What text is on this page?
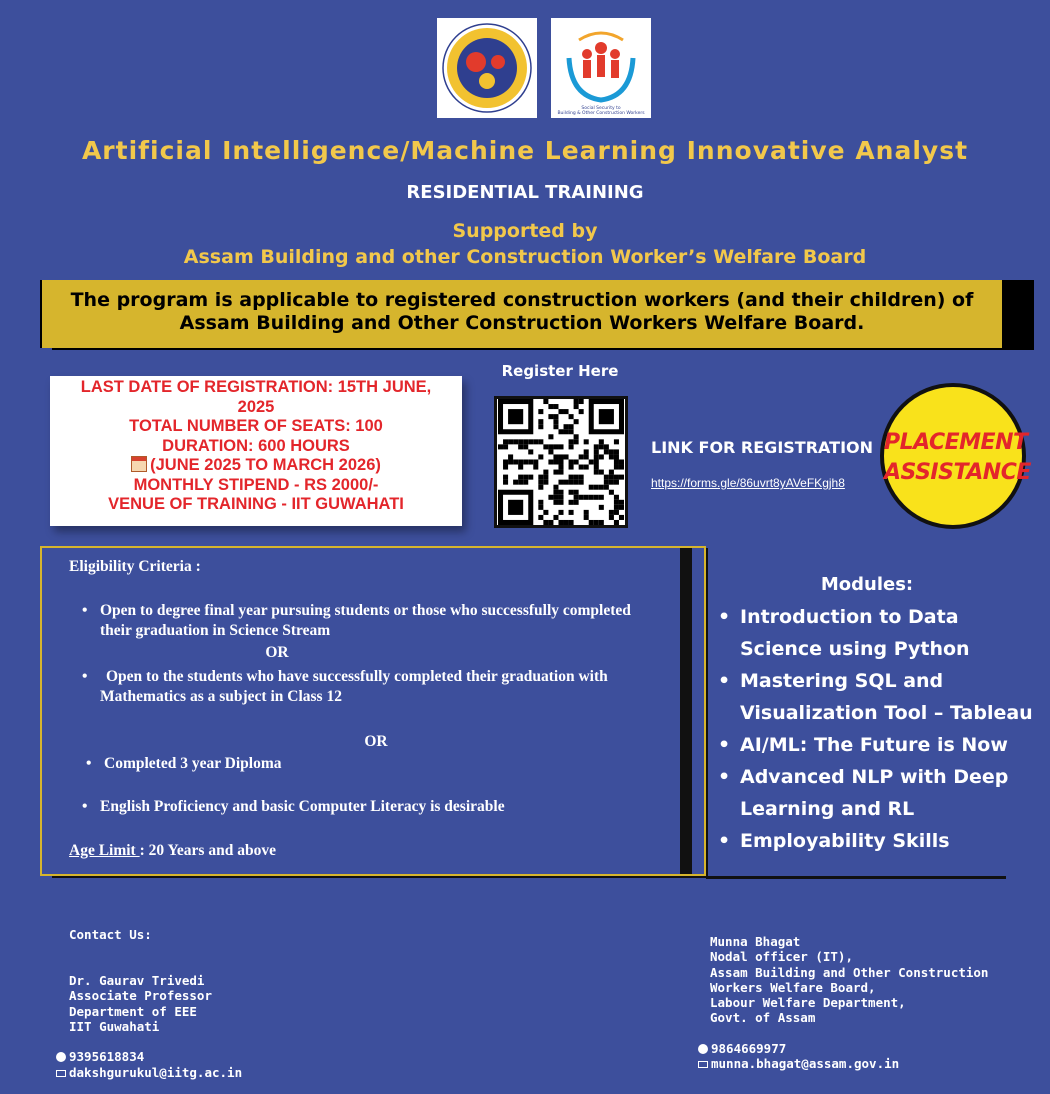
Social Security to
Building & Other Construction Workers
Artificial Intelligence/Machine Learning Innovative Analyst
RESIDENTIAL TRAINING
Supported by
Assam Building and other Construction Worker’s Welfare Board
The program is applicable to registered construction workers (and their children) of
Assam Building and Other Construction Workers Welfare Board.
LAST DATE OF REGISTRATION: 15TH JUNE,
2025
TOTAL NUMBER OF SEATS: 100
DURATION: 600 HOURS
(JUNE 2025 TO MARCH 2026)
MONTHLY STIPEND - RS 2000/-
VENUE OF TRAINING - IIT GUWAHATI
Register Here
LINK FOR REGISTRATION
https://forms.gle/86uvrt8yAVeFKgjh8
PLACEMENT
ASSISTANCE
Eligibility Criteria :
• Open to degree final year pursuing students or those who successfully completed
their graduation in Science Stream
OR
• Open to the students who have successfully completed their graduation with
Mathematics as a subject in Class 12
OR
• Completed 3 year Diploma
• English Proficiency and basic Computer Literacy is desirable
Age Limit : 20 Years and above
Modules:
• Introduction to Data
Science using Python
• Mastering SQL and
Visualization Tool – Tableau
• AI/ML: The Future is Now
• Advanced NLP with Deep
Learning and RL
• Employability Skills
Contact Us:
Dr. Gaurav Trivedi
Associate Professor
Department of EEE
IIT Guwahati
9395618834
dakshgurukul@iitg.ac.in
Munna Bhagat
Nodal officer (IT),
Assam Building and Other Construction
Workers Welfare Board,
Labour Welfare Department,
Govt. of Assam
9864669977
munna.bhagat@assam.gov.in
